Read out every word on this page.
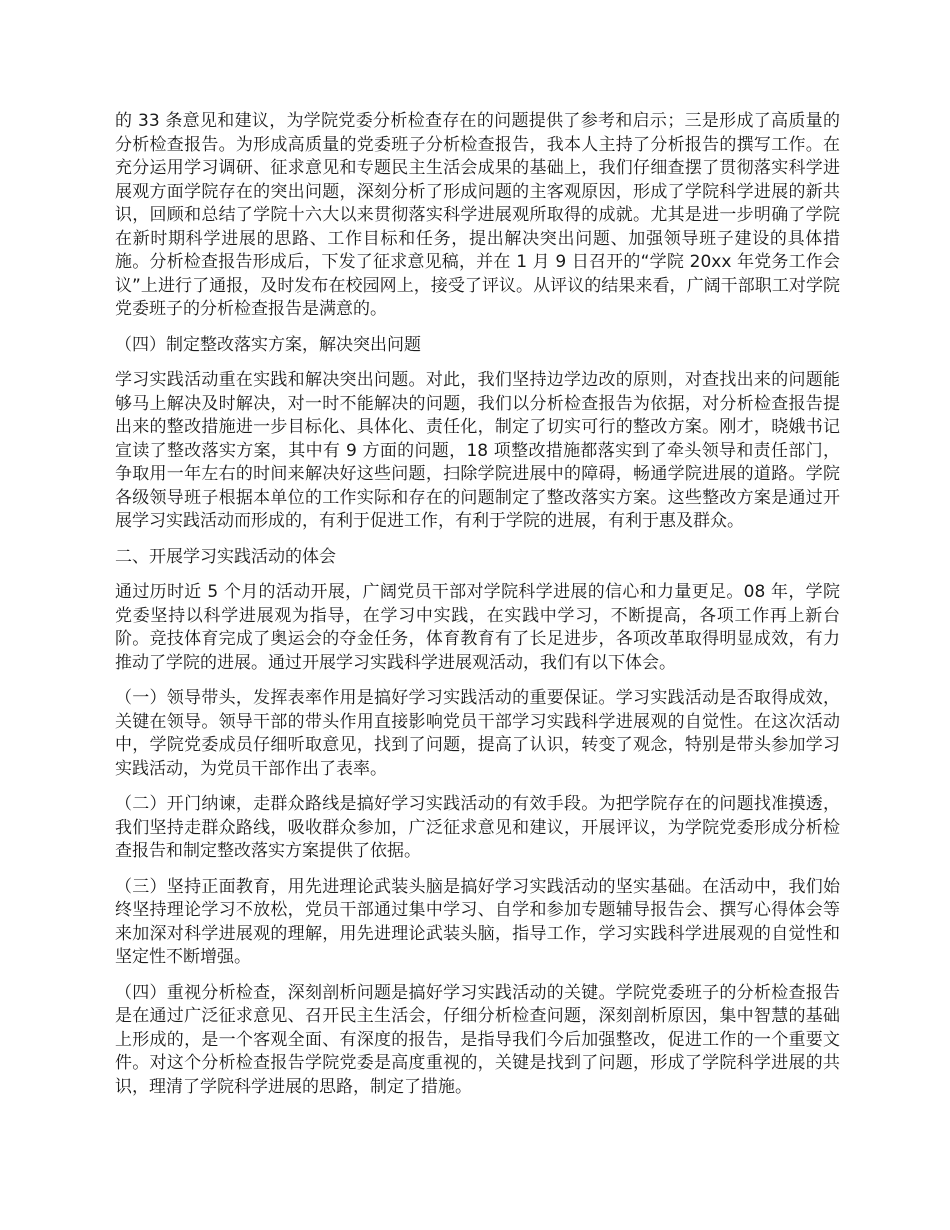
的 33 条意见和建议，为学院党委分析检查存在的问题提供了参考和启示；三是形成了高质量的分析检查报告。为形成高质量的党委班子分析检查报告，我本人主持了分析报告的撰写工作。在充分运用学习调研、征求意见和专题民主生活会成果的基础上，我们仔细查摆了贯彻落实科学进展观方面学院存在的突出问题，深刻分析了形成问题的主客观原因，形成了学院科学进展的新共识，回顾和总结了学院十六大以来贯彻落实科学进展观所取得的成就。尤其是进一步明确了学院在新时期科学进展的思路、工作目标和任务，提出解决突出问题、加强领导班子建设的具体措施。分析检查报告形成后，下发了征求意见稿，并在 1 月 9 日召开的“学院 20xx 年党务工作会议”上进行了通报，及时发布在校园网上，接受了评议。从评议的结果来看，广阔干部职工对学院党委班子的分析检查报告是满意的。

（四）制定整改落实方案，解决突出问题

学习实践活动重在实践和解决突出问题。对此，我们坚持边学边改的原则，对查找出来的问题能够马上解决及时解决，对一时不能解决的问题，我们以分析检查报告为依据，对分析检查报告提出来的整改措施进一步目标化、具体化、责任化，制定了切实可行的整改方案。刚才，晓娥书记宣读了整改落实方案，其中有 9 方面的问题，18 项整改措施都落实到了牵头领导和责任部门，争取用一年左右的时间来解决好这些问题，扫除学院进展中的障碍，畅通学院进展的道路。学院各级领导班子根据本单位的工作实际和存在的问题制定了整改落实方案。这些整改方案是通过开展学习实践活动而形成的，有利于促进工作，有利于学院的进展，有利于惠及群众。

二、开展学习实践活动的体会

通过历时近 5 个月的活动开展，广阔党员干部对学院科学进展的信心和力量更足。08 年，学院党委坚持以科学进展观为指导，在学习中实践，在实践中学习，不断提高，各项工作再上新台阶。竞技体育完成了奥运会的夺金任务，体育教育有了长足进步，各项改革取得明显成效，有力推动了学院的进展。通过开展学习实践科学进展观活动，我们有以下体会。

（一）领导带头，发挥表率作用是搞好学习实践活动的重要保证。学习实践活动是否取得成效，关键在领导。领导干部的带头作用直接影响党员干部学习实践科学进展观的自觉性。在这次活动中，学院党委成员仔细听取意见，找到了问题，提高了认识，转变了观念，特别是带头参加学习实践活动，为党员干部作出了表率。

（二）开门纳谏，走群众路线是搞好学习实践活动的有效手段。为把学院存在的问题找准摸透，我们坚持走群众路线，吸收群众参加，广泛征求意见和建议，开展评议，为学院党委形成分析检查报告和制定整改落实方案提供了依据。

（三）坚持正面教育，用先进理论武装头脑是搞好学习实践活动的坚实基础。在活动中，我们始终坚持理论学习不放松，党员干部通过集中学习、自学和参加专题辅导报告会、撰写心得体会等来加深对科学进展观的理解，用先进理论武装头脑，指导工作，学习实践科学进展观的自觉性和坚定性不断增强。

（四）重视分析检查，深刻剖析问题是搞好学习实践活动的关键。学院党委班子的分析检查报告是在通过广泛征求意见、召开民主生活会，仔细分析检查问题，深刻剖析原因，集中智慧的基础上形成的，是一个客观全面、有深度的报告，是指导我们今后加强整改，促进工作的一个重要文件。对这个分析检查报告学院党委是高度重视的，关键是找到了问题，形成了学院科学进展的共识，理清了学院科学进展的思路，制定了措施。
